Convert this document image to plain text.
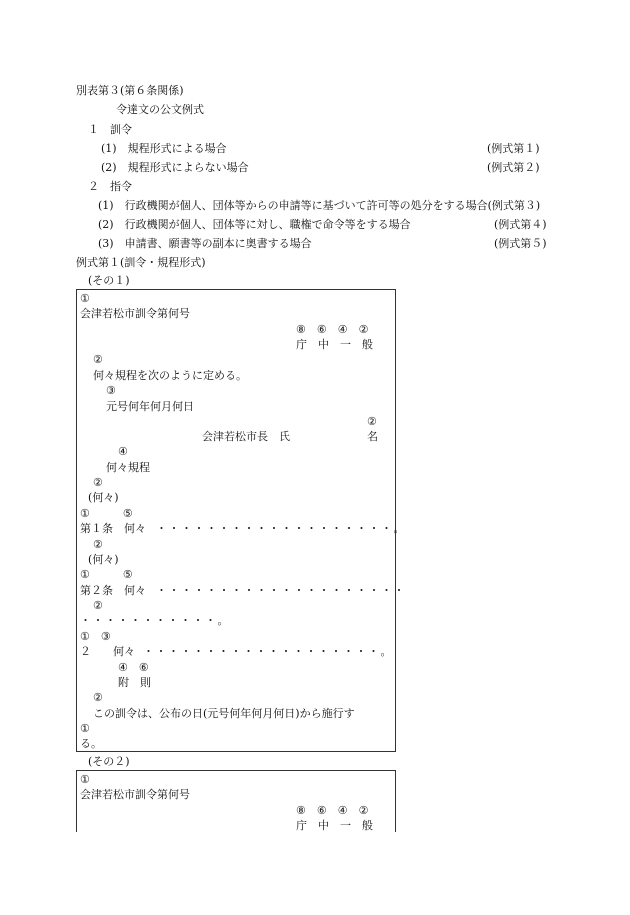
別表第３(第６条関係)
令達文の公文例式
１　訓令
(1)　規程形式による場合	(例式第１)
(2)　規程形式によらない場合	(例式第２)
２　指令
(1)　行政機関が個人、団体等からの申請等に基づいて許可等の処分をする場合(例式第３)
(2)　行政機関が個人、団体等に対し、職権で命令等をする場合	(例式第４)
(3)　申請書、願書等の副本に奥書する場合	(例式第５)
例式第１(訓令・規程形式)
(その１)
①
会津若松市訓令第何号
⑧　⑥　④　②
庁　中　一　般
②
何々規程を次のように定める。
③
元号何年何月何日
②
会津若松市長　氏	名
④
何々規程
②
(何々)
①　　　⑤
第１条　何々 ・・・・・・・・・・・・・・・・・・・。
②
(何々)
①　　　⑤
第２条　何々 ・・・・・・・・・・・・・・・・・・・・
②
・・・・・・・・・・・。
①　③
２　　何々 ・・・・・・・・・・・・・・・・・・・。
④　⑥
附　則
②
この訓令は、公布の日(元号何年何月何日)から施行す
①
る。
(その２)
①
会津若松市訓令第何号
⑧　⑥　④　②
庁　中　一　般
